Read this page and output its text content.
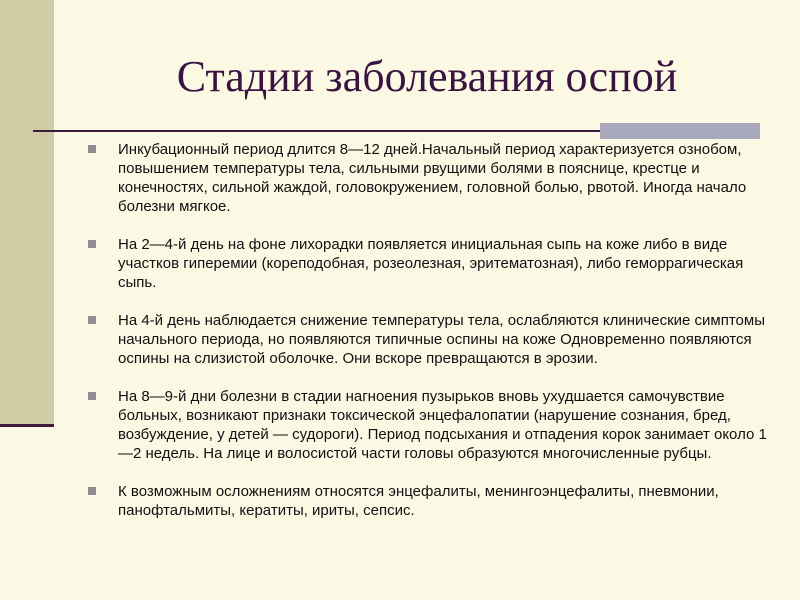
Стадии заболевания оспой
Инкубационный период длится 8—12 дней.Начальный период характеризуется ознобом, повышением температуры тела, сильными рвущими болями в пояснице, крестце и конечностях, сильной жаждой, головокружением, головной болью, рвотой. Иногда начало болезни мягкое.
На 2—4-й день на фоне лихорадки появляется инициальная сыпь на коже либо в виде участков гиперемии (кореподобная, розеолезная, эритематозная), либо геморрагическая сыпь.
На 4-й день наблюдается снижение температуры тела, ослабляются клинические симптомы начального периода, но появляются типичные оспины на коже Одновременно появляются оспины на слизистой оболочке. Они вскоре превращаются в эрозии.
На 8—9-й дни болезни в стадии нагноения пузырьков вновь ухудшается самочувствие больных, возникают признаки токсической энцефалопатии (нарушение сознания, бред, возбуждение, у детей — судороги). Период подсыхания и отпадения корок занимает около 1—2 недель. На лице и волосистой части головы образуются многочисленные рубцы.
К возможным осложнениям относятся энцефалиты, менингоэнцефалиты, пневмонии, панофтальмиты, кератиты, ириты, сепсис.
